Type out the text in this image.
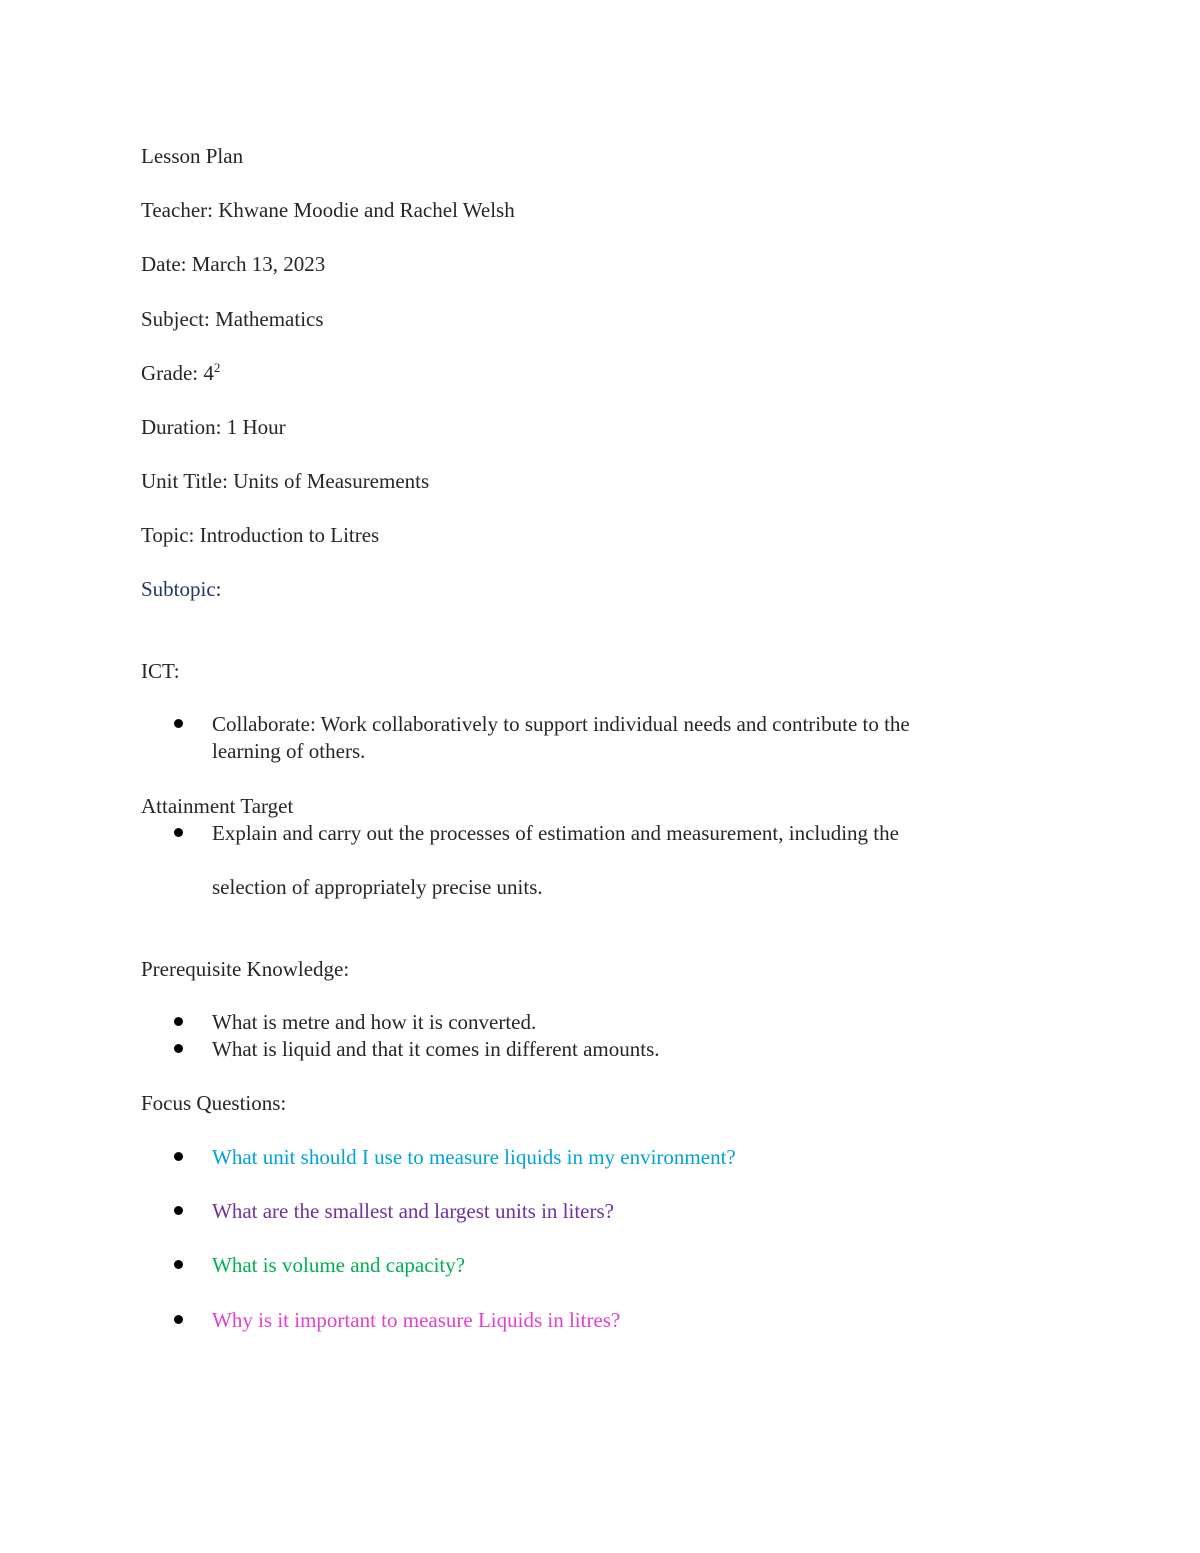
Lesson Plan
Teacher: Khwane Moodie and Rachel Welsh
Date: March 13, 2023
Subject: Mathematics
Grade: $4^2$
Duration: 1 Hour
Unit Title: Units of Measurements
Topic: Introduction to Litres
Subtopic:
ICT:
Collaborate: Work collaboratively to support individual needs and contribute to the
learning of others.
Attainment Target
Explain and carry out the processes of estimation and measurement, including the
selection of appropriately precise units.
Prerequisite Knowledge:
What is metre and how it is converted.
What is liquid and that it comes in different amounts.
Focus Questions:
What unit should I use to measure liquids in my environment?
What are the smallest and largest units in liters?
What is volume and capacity?
Why is it important to measure Liquids in litres?
